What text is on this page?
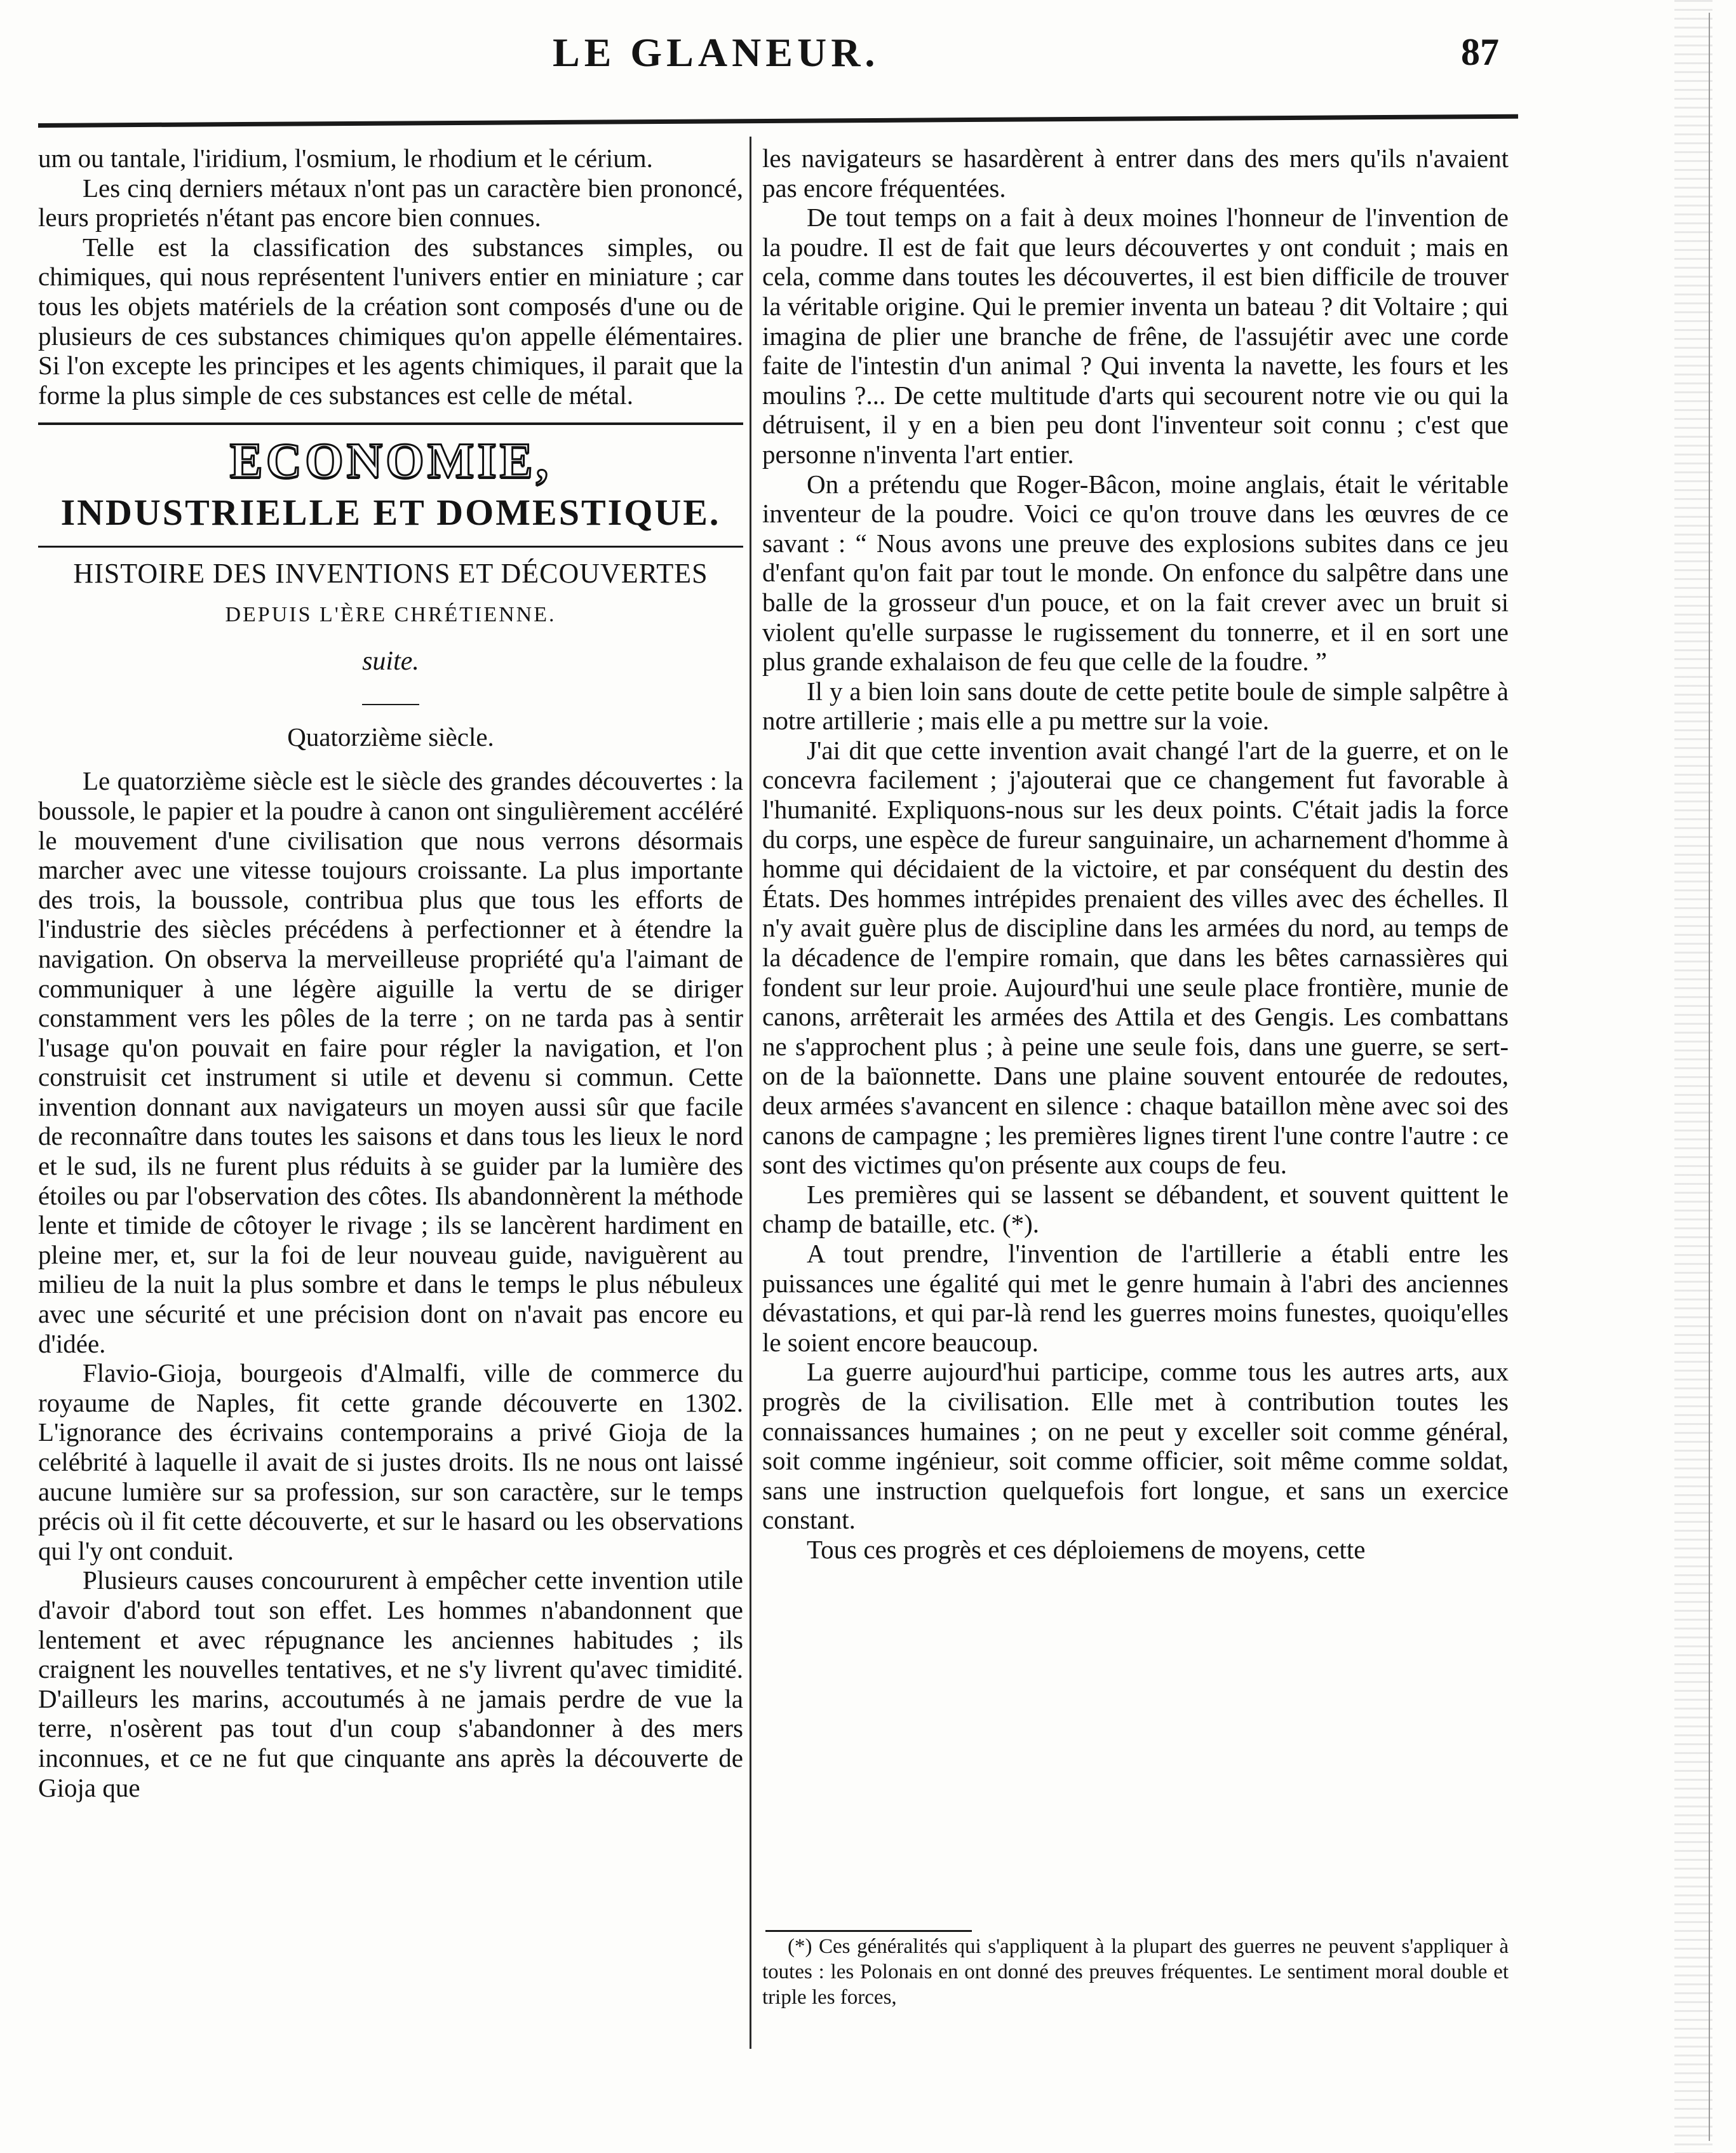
LE GLANEUR.	87

um ou tantale, l'iridium, l'osmium, le rhodium et le cérium.

Les cinq derniers métaux n'ont pas un caractère bien prononcé, leurs proprietés n'étant pas encore bien connues.

Telle est la classification des substances simples, ou chimiques, qui nous représentent l'univers entier en miniature ; car tous les objets matériels de la création sont composés d'une ou de plusieurs de ces substances chimiques qu'on appelle élémentaires. Si l'on excepte les principes et les agents chimiques, il parait que la forme la plus simple de ces substances est celle de métal.

ECONOMIE,
INDUSTRIELLE ET DOMESTIQUE.
HISTOIRE DES INVENTIONS ET DÉCOUVERTES
DEPUIS L'ÈRE CHRÉTIENNE.
suite.
Quatorzième siècle.

Le quatorzième siècle est le siècle des grandes découvertes : la boussole, le papier et la poudre à canon ont singulièrement accéléré le mouvement d'une civilisation que nous verrons désormais marcher avec une vitesse toujours croissante. La plus importante des trois, la boussole, contribua plus que tous les efforts de l'industrie des siècles précédens à perfectionner et à étendre la navigation. On observa la merveilleuse propriété qu'a l'aimant de communiquer à une légère aiguille la vertu de se diriger constamment vers les pôles de la terre ; on ne tarda pas à sentir l'usage qu'on pouvait en faire pour régler la navigation, et l'on construisit cet instrument si utile et devenu si commun. Cette invention donnant aux navigateurs un moyen aussi sûr que facile de reconnaître dans toutes les saisons et dans tous les lieux le nord et le sud, ils ne furent plus réduits à se guider par la lumière des étoiles ou par l'observation des côtes. Ils abandonnèrent la méthode lente et timide de côtoyer le rivage ; ils se lancèrent hardiment en pleine mer, et, sur la foi de leur nouveau guide, naviguèrent au milieu de la nuit la plus sombre et dans le temps le plus nébuleux avec une sécurité et une précision dont on n'avait pas encore eu d'idée.

Flavio-Gioja, bourgeois d'Almalfi, ville de commerce du royaume de Naples, fit cette grande découverte en 1302. L'ignorance des écrivains contemporains a privé Gioja de la celébrité à laquelle il avait de si justes droits. Ils ne nous ont laissé aucune lumière sur sa profession, sur son caractère, sur le temps précis où il fit cette découverte, et sur le hasard ou les observations qui l'y ont conduit.

Plusieurs causes concoururent à empêcher cette invention utile d'avoir d'abord tout son effet. Les hommes n'abandonnent que lentement et avec répugnance les anciennes habitudes ; ils craignent les nouvelles tentatives, et ne s'y livrent qu'avec timidité. D'ailleurs les marins, accoutumés à ne jamais perdre de vue la terre, n'osèrent pas tout d'un coup s'abandonner à des mers inconnues, et ce ne fut que cinquante ans après la découverte de Gioja que

les navigateurs se hasardèrent à entrer dans des mers qu'ils n'avaient pas encore fréquentées.

De tout temps on a fait à deux moines l'honneur de l'invention de la poudre. Il est de fait que leurs découvertes y ont conduit ; mais en cela, comme dans toutes les découvertes, il est bien difficile de trouver la véritable origine. Qui le premier inventa un bateau ? dit Voltaire ; qui imagina de plier une branche de frêne, de l'assujétir avec une corde faite de l'intestin d'un animal ? Qui inventa la navette, les fours et les moulins ?... De cette multitude d'arts qui secourent notre vie ou qui la détruisent, il y en a bien peu dont l'inventeur soit connu ; c'est que personne n'inventa l'art entier.

On a prétendu que Roger-Bâcon, moine anglais, était le véritable inventeur de la poudre. Voici ce qu'on trouve dans les œuvres de ce savant : “ Nous avons une preuve des explosions subites dans ce jeu d'enfant qu'on fait par tout le monde. On enfonce du salpêtre dans une balle de la grosseur d'un pouce, et on la fait crever avec un bruit si violent qu'elle surpasse le rugissement du tonnerre, et il en sort une plus grande exhalaison de feu que celle de la foudre. ”

Il y a bien loin sans doute de cette petite boule de simple salpêtre à notre artillerie ; mais elle a pu mettre sur la voie.

J'ai dit que cette invention avait changé l'art de la guerre, et on le concevra facilement ; j'ajouterai que ce changement fut favorable à l'humanité. Expliquons-nous sur les deux points. C'était jadis la force du corps, une espèce de fureur sanguinaire, un acharnement d'homme à homme qui décidaient de la victoire, et par conséquent du destin des États. Des hommes intrépides prenaient des villes avec des échelles. Il n'y avait guère plus de discipline dans les armées du nord, au temps de la décadence de l'empire romain, que dans les bêtes carnassières qui fondent sur leur proie. Aujourd'hui une seule place frontière, munie de canons, arrêterait les armées des Attila et des Gengis. Les combattans ne s'approchent plus ; à peine une seule fois, dans une guerre, se sert-on de la baïonnette. Dans une plaine souvent entourée de redoutes, deux armées s'avancent en silence : chaque bataillon mène avec soi des canons de campagne ; les premières lignes tirent l'une contre l'autre : ce sont des victimes qu'on présente aux coups de feu.

Les premières qui se lassent se débandent, et souvent quittent le champ de bataille, etc. (*).

A tout prendre, l'invention de l'artillerie a établi entre les puissances une égalité qui met le genre humain à l'abri des anciennes dévastations, et qui par-là rend les guerres moins funestes, quoiqu'elles le soient encore beaucoup.

La guerre aujourd'hui participe, comme tous les autres arts, aux progrès de la civilisation. Elle met à contribution toutes les connaissances humaines ; on ne peut y exceller soit comme général, soit comme ingénieur, soit comme officier, soit même comme soldat, sans une instruction quelquefois fort longue, et sans un exercice constant.

Tous ces progrès et ces déploiemens de moyens, cette

(*) Ces généralités qui s'appliquent à la plupart des guerres ne peuvent s'appliquer à toutes : les Polonais en ont donné des preuves fréquentes. Le sentiment moral double et triple les forces,
